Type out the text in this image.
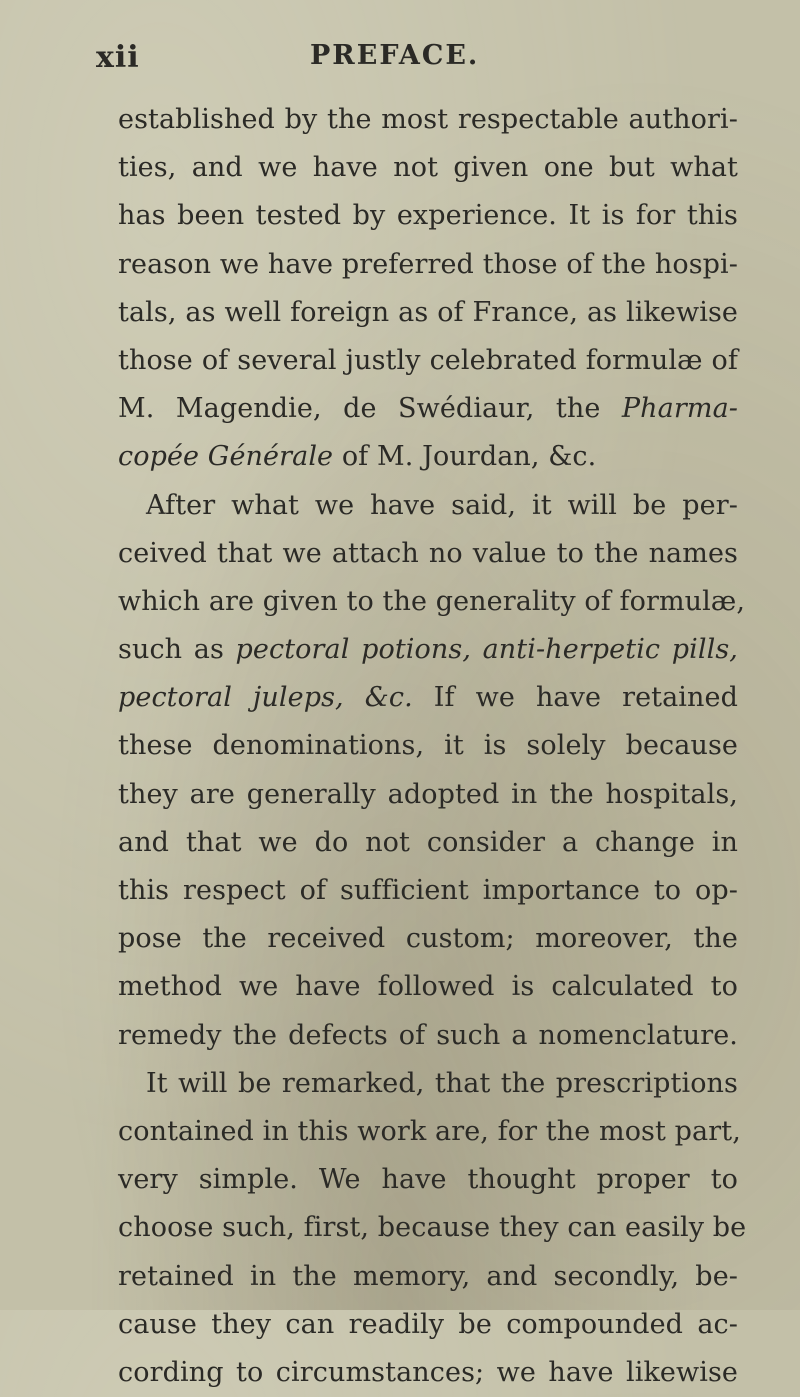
xii	PREFACE.
established by the most respectable authori-
ties, and we have not given one but what
has been tested by experience. It is for this
reason we have preferred those of the hospi-
tals, as well foreign as of France, as likewise
those of several justly celebrated formulæ of
M. Magendie, de Swédiaur, the Pharma-
copée Générale of M. Jourdan, &c.
After what we have said, it will be per-
ceived that we attach no value to the names
which are given to the generality of formulæ,
such as pectoral potions, anti-herpetic pills,
pectoral juleps, &c. If we have retained
these denominations, it is solely because
they are generally adopted in the hospitals,
and that we do not consider a change in
this respect of sufficient importance to op-
pose the received custom; moreover, the
method we have followed is calculated to
remedy the defects of such a nomenclature.
It will be remarked, that the prescriptions
contained in this work are, for the most part,
very simple. We have thought proper to
choose such, first, because they can easily be
retained in the memory, and secondly, be-
cause they can readily be compounded ac-
cording to circumstances; we have likewise
